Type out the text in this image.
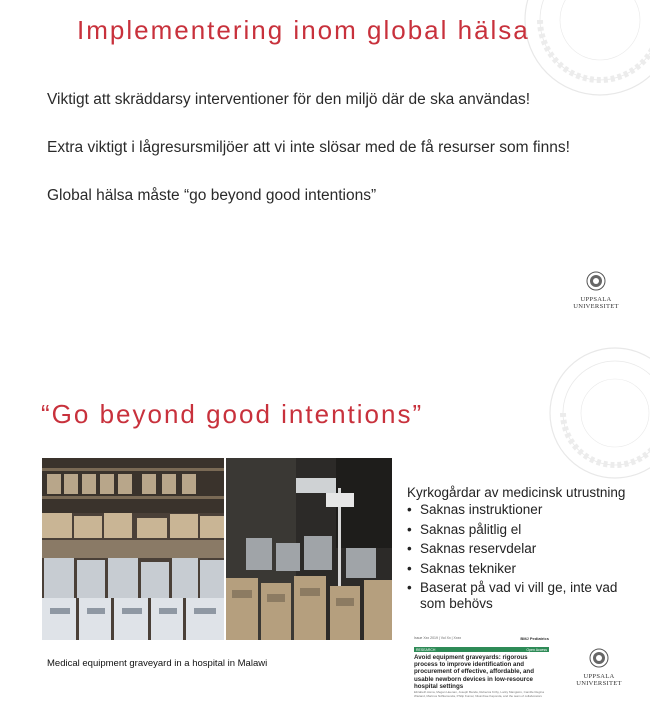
Implementering inom global hälsa
Viktigt att skräddarsy interventioner för den miljö där de ska användas!
Extra viktigt i lågresursmiljöer att vi inte slösar med de få resurser som finns!
Global hälsa måste “go beyond good intentions”
UPPSALA
UNIVERSITET
“Go beyond good intentions”
Medical equipment graveyard in a hospital in Malawi
Kyrkogårdar av medicinsk utrustning
• Saknas instruktioner
• Saknas pålitlig el
• Saknas reservdelar
• Saknas tekniker
• Baserat på vad vi vill ge, inte vad som behövs
Issue Xxx 2019 | Vol Xx | Xxxx	BMJ Pediatrics
RESEARCH	Open Access
Avoid equipment graveyards: rigorous process to improve identification and procurement of effective, affordable, and usable newborn devices in low-resource hospital settings
Elizabeth Asma, Megan Heenan, Joseph Banda, Rebecca Kirby, Lucky Mangwiro, Camille Regina Wieland, Marinos Ndhlamunda, Philip Kumar, Nkumbwe Kaponda, and the team of collaborators
UPPSALA
UNIVERSITET
